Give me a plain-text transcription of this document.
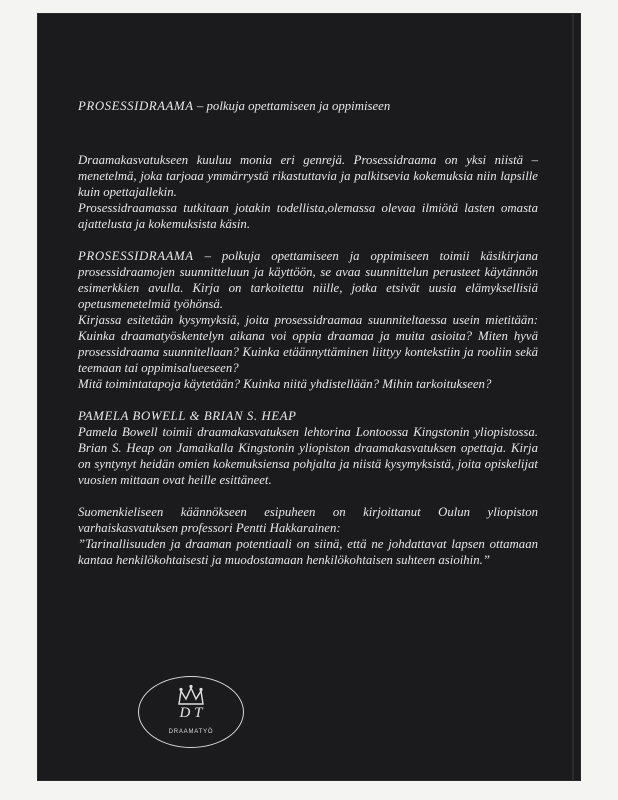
PROSESSIDRAAMA – polkuja opettamiseen ja oppimiseen

Draamakasvatukseen kuuluu monia eri genrejä. Prosessidraama on yksi niistä – menetelmä, joka tarjoaa ymmärrystä rikastuttavia ja palkitsevia kokemuksia niin lapsille kuin opettajallekin.

Prosessidraamassa tutkitaan jotakin todellista,olemassa olevaa ilmiötä lasten omasta ajattelusta ja kokemuksista käsin.

PROSESSIDRAAMA – polkuja opettamiseen ja oppimiseen toimii käsikirjana prosessidraamojen suunnitteluun ja käyttöön, se avaa suunnittelun perusteet käytännön esimerkkien avulla. Kirja on tarkoitettu niille, jotka etsivät uusia elämyksellisiä opetusmenetelmiä työhönsä.

Kirjassa esitetään kysymyksiä, joita prosessidraamaa suunniteltaessa usein mietitään: Kuinka draamatyöskentelyn aikana voi oppia draamaa ja muita asioita? Miten hyvä prosessidraama suunnitellaan? Kuinka etäännyttäminen liittyy kontekstiin ja rooliin sekä teemaan tai oppimisalueeseen?

Mitä toimintatapoja käytetään? Kuinka niitä yhdistellään? Mihin tarkoitukseen?

PAMELA BOWELL & BRIAN S. HEAP

Pamela Bowell toimii draamakasvatuksen lehtorina Lontoossa Kingstonin yliopistossa. Brian S. Heap on Jamaikalla Kingstonin yliopiston draamakasvatuksen opettaja. Kirja on syntynyt heidän omien kokemuksiensa pohjalta ja niistä kysymyksistä, joita opiskelijat vuosien mittaan ovat heille esittäneet.

Suomenkieliseen käännökseen esipuheen on kirjoittanut Oulun yliopiston varhaiskasvatuksen professori Pentti Hakkarainen:

”Tarinallisuuden ja draaman potentiaali on siinä, että ne johdattavat lapsen ottamaan kantaa henkilökohtaisesti ja muodostamaan henkilökohtaisen suhteen asioihin.”

D T
DRAAMATYÖ
